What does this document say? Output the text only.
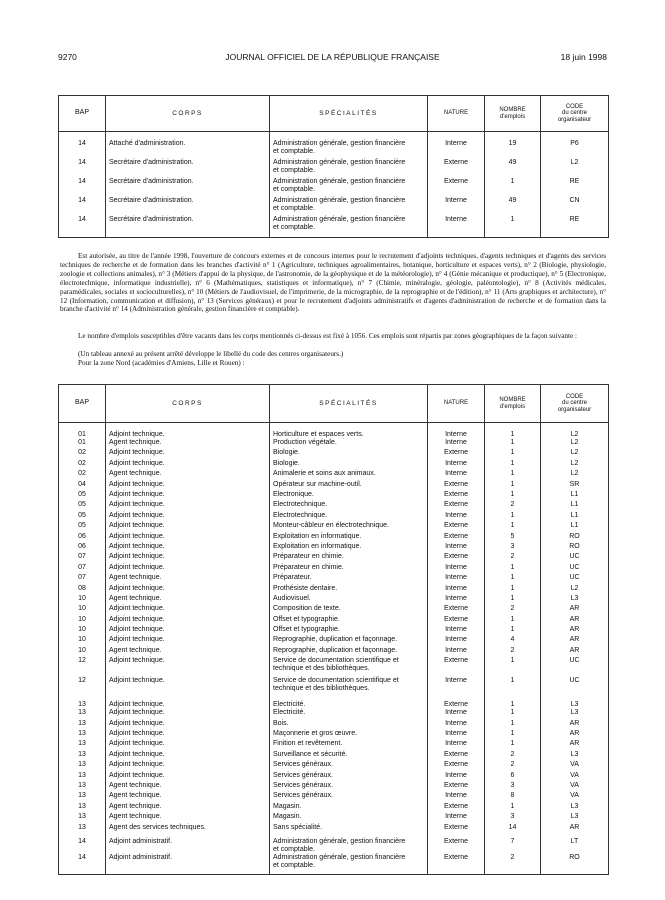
9270	JOURNAL OFFICIEL DE LA RÉPUBLIQUE FRANÇAISE	18 juin 1998
BAP	CORPS	SPÉCIALITÉS	NATURE	NOMBRE
d'emplois	CODE
du centre
organisateur
14	Attaché d'administration.	Administration générale, gestion financière
et comptable.	Interne	19	P6
14	Secrétaire d'administration.	Administration générale, gestion financière
et comptable.	Externe	49	L2
14	Secrétaire d'administration.	Administration générale, gestion financière
et comptable.	Externe	1	RE
14	Secrétaire d'administration.	Administration générale, gestion financière
et comptable.	Interne	49	CN
14	Secrétaire d'administration.	Administration générale, gestion financière
et comptable.	Interne	1	RE

Est autorisée, au titre de l'année 1998, l'ouverture de concours externes et de concours internes pour le recrutement d'adjoints techniques, d'agents techniques et d'agents des services techniques de recherche et de formation dans les branches d'activité n° 1 (Agriculture, techniques agroalimentaires, botanique, horticulture et espaces verts), n° 2 (Biologie, physiologie, zoologie et collections animales), n° 3 (Métiers d'appui de la physique, de l'astronomie, de la géophysique et de la météorologie), n° 4 (Génie mécanique et productique), n° 5 (Electronique, électrotechnique, informatique industrielle), n° 6 (Mathématiques, statistiques et informatique), n° 7 (Chimie, minéralogie, géologie, paléontologie), n° 8 (Activités médicales, paramédicales, sociales et socioculturelles), n° 10 (Métiers de l'audiovisuel, de l'imprimerie, de la micrographie, de la reprographie et de l'édition), n° 11 (Arts graphiques et architecture), n° 12 (Information, communication et diffusion), n° 13 (Services généraux) et pour le recrutement d'adjoints administratifs et d'agents d'administration de recherche et de formation dans la branche d'activité n° 14 (Administration générale, gestion financière et comptable).

Le nombre d'emplois susceptibles d'être vacants dans les corps mentionnés ci-dessus est fixé à 1056. Ces emplois sont répartis par zones géographiques de la façon suivante :

(Un tableau annexé au présent arrêté développe le libellé du code des centres organisateurs.)

Pour la zone Nord (académies d'Amiens, Lille et Rouen) :

BAP	CORPS	SPÉCIALITÉS	NATURE	NOMBRE
d'emplois	CODE
du centre
organisateur
01	Adjoint technique.	Horticulture et espaces verts.	Interne	1	L2
01	Agent technique.	Production végétale.	Interne	1	L2
02	Adjoint technique.	Biologie.	Externe	1	L2
02	Adjoint technique.	Biologie.	Interne	1	L2
02	Agent technique.	Animalerie et soins aux animaux.	Interne	1	L2
04	Adjoint technique.	Opérateur sur machine-outil.	Externe	1	SR
05	Adjoint technique.	Electronique.	Externe	1	L1
05	Adjoint technique.	Electrotechnique.	Externe	2	L1
05	Adjoint technique.	Electrotechnique.	Interne	1	L1
05	Adjoint technique.	Monteur-câbleur en électrotechnique.	Externe	1	L1
06	Adjoint technique.	Exploitation en informatique.	Externe	5	RO
06	Adjoint technique.	Exploitation en informatique.	Interne	3	RO
07	Adjoint technique.	Préparateur en chimie.	Externe	2	UC
07	Adjoint technique.	Préparateur en chimie.	Interne	1	UC
07	Agent technique.	Préparateur.	Interne	1	UC
08	Adjoint technique.	Prothésiste dentaire.	Interne	1	L2
10	Agent technique.	Audiovisuel.	Interne	1	L3
10	Adjoint technique.	Composition de texte.	Externe	2	AR
10	Adjoint technique.	Offset et typographie.	Externe	1	AR
10	Adjoint technique.	Offset et typographie.	Interne	1	AR
10	Adjoint technique.	Reprographie, duplication et façonnage.	Interne	4	AR
10	Agent technique.	Reprographie, duplication et façonnage.	Interne	2	AR
12	Adjoint technique.	Service de documentation scientifique et
technique et des bibliothèques.	Externe	1	UC
12	Adjoint technique.	Service de documentation scientifique et
technique et des bibliothèques.	Interne	1	UC
13	Adjoint technique.	Electricité.	Externe	1	L3
13	Adjoint technique.	Electricité.	Interne	1	L3
13	Adjoint technique.	Bois.	Interne	1	AR
13	Adjoint technique.	Maçonnerie et gros œuvre.	Interne	1	AR
13	Adjoint technique.	Finition et revêtement.	Interne	1	AR
13	Adjoint technique.	Surveillance et sécurité.	Externe	2	L3
13	Adjoint technique.	Services généraux.	Externe	2	VA
13	Adjoint technique.	Services généraux.	Interne	6	VA
13	Agent technique.	Services généraux.	Externe	3	VA
13	Agent technique.	Services généraux.	Interne	8	VA
13	Agent technique.	Magasin.	Externe	1	L3
13	Agent technique.	Magasin.	Interne	3	L3
13	Agent des services techniques.	Sans spécialité.	Externe	14	AR
14	Adjoint administratif.	Administration générale, gestion financière
et comptable.	Externe	7	LT
14	Adjoint administratif.	Administration générale, gestion financière
et comptable.	Externe	2	RO
